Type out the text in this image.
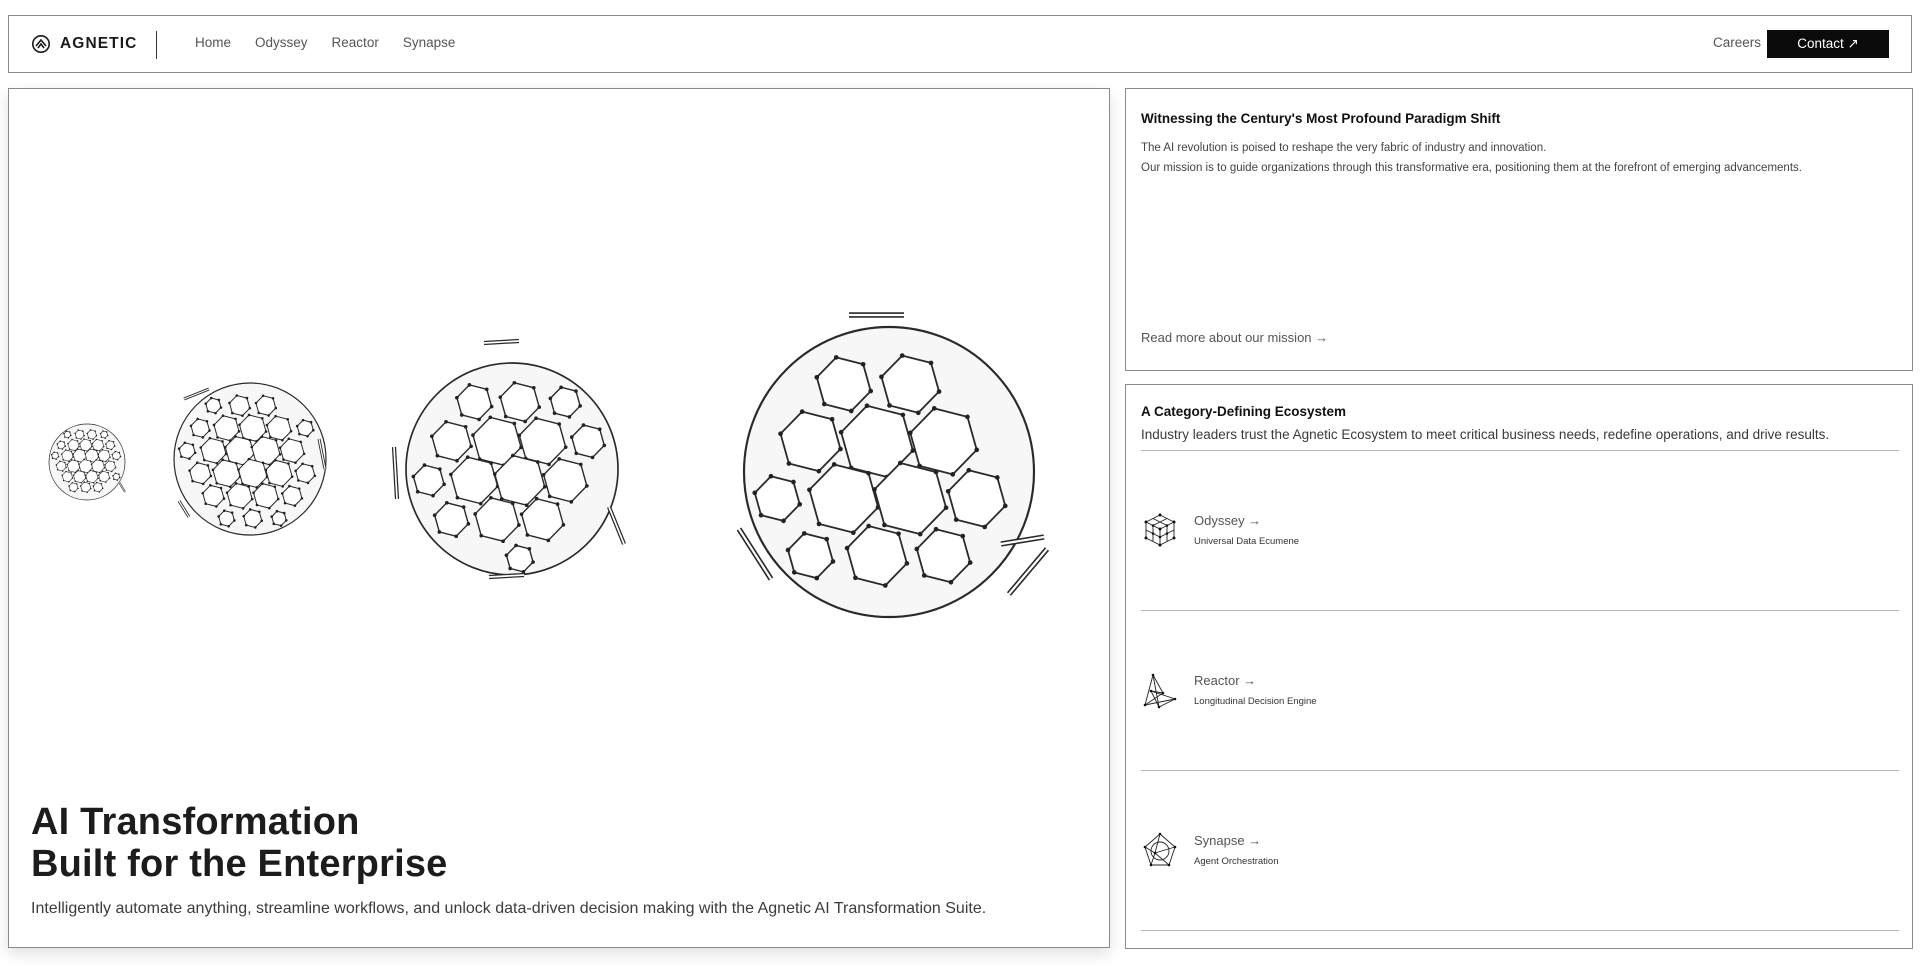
AGNETIC	Home Odyssey Reactor Synapse	Careers	Contact ↗
AI Transformation
Built for the Enterprise
Intelligently automate anything, streamline workflows, and unlock data-driven decision making with the Agnetic AI Transformation Suite.
Witnessing the Century's Most Profound Paradigm Shift
The AI revolution is poised to reshape the very fabric of industry and innovation.
Our mission is to guide organizations through this transformative era, positioning them at the forefront of emerging advancements.
Read more about our mission →
A Category-Defining Ecosystem
Industry leaders trust the Agnetic Ecosystem to meet critical business needs, redefine operations, and drive results.
Odyssey →
Universal Data Ecumene
Reactor →
Longitudinal Decision Engine
Synapse →
Agent Orchestration
